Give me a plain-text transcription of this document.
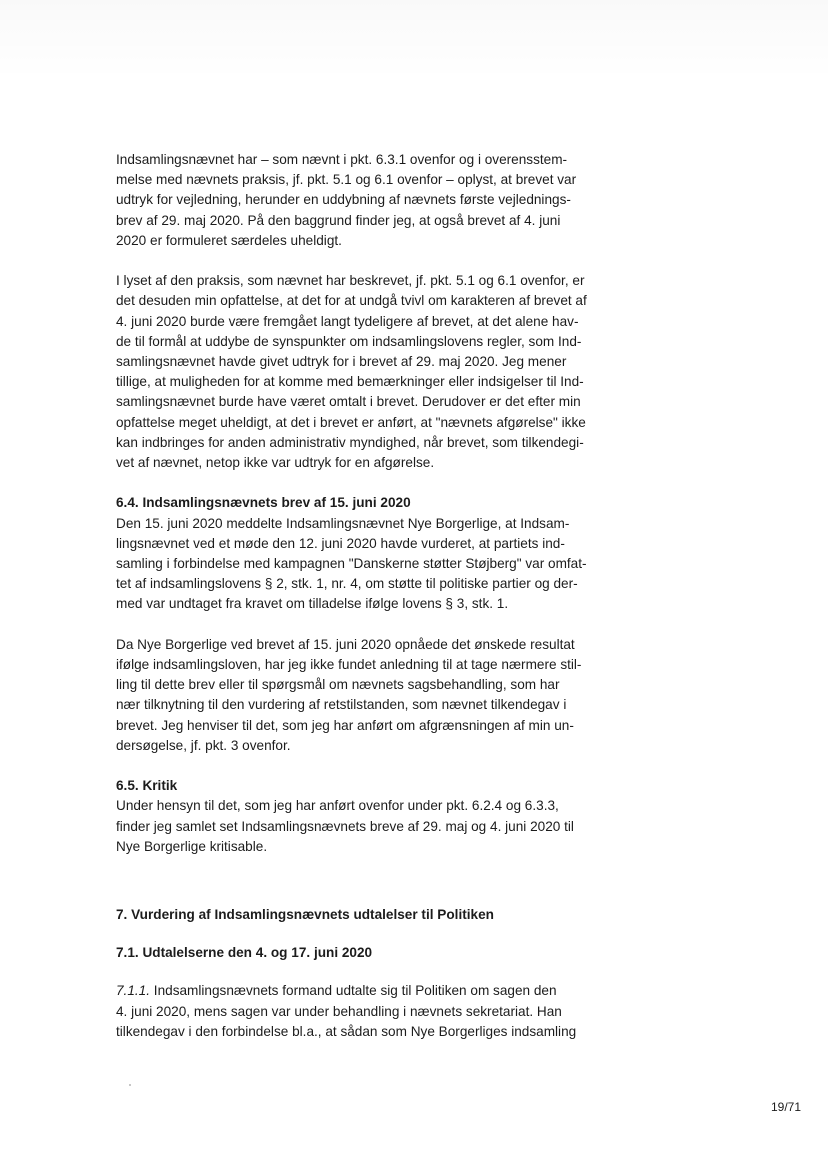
Indsamlingsnævnet har – som nævnt i pkt. 6.3.1 ovenfor og i overensstem-
melse med nævnets praksis, jf. pkt. 5.1 og 6.1 ovenfor – oplyst, at brevet var
udtryk for vejledning, herunder en uddybning af nævnets første vejlednings-
brev af 29. maj 2020. På den baggrund finder jeg, at også brevet af 4. juni
2020 er formuleret særdeles uheldigt.
I lyset af den praksis, som nævnet har beskrevet, jf. pkt. 5.1 og 6.1 ovenfor, er
det desuden min opfattelse, at det for at undgå tvivl om karakteren af brevet af
4. juni 2020 burde være fremgået langt tydeligere af brevet, at det alene hav-
de til formål at uddybe de synspunkter om indsamlingslovens regler, som Ind-
samlingsnævnet havde givet udtryk for i brevet af 29. maj 2020. Jeg mener
tillige, at muligheden for at komme med bemærkninger eller indsigelser til Ind-
samlingsnævnet burde have været omtalt i brevet. Derudover er det efter min
opfattelse meget uheldigt, at det i brevet er anført, at "nævnets afgørelse" ikke
kan indbringes for anden administrativ myndighed, når brevet, som tilkendegi-
vet af nævnet, netop ikke var udtryk for en afgørelse.
6.4. Indsamlingsnævnets brev af 15. juni 2020
Den 15. juni 2020 meddelte Indsamlingsnævnet Nye Borgerlige, at Indsam-
lingsnævnet ved et møde den 12. juni 2020 havde vurderet, at partiets ind-
samling i forbindelse med kampagnen "Danskerne støtter Støjberg" var omfat-
tet af indsamlingslovens § 2, stk. 1, nr. 4, om støtte til politiske partier og der-
med var undtaget fra kravet om tilladelse ifølge lovens § 3, stk. 1.
Da Nye Borgerlige ved brevet af 15. juni 2020 opnåede det ønskede resultat
ifølge indsamlingsloven, har jeg ikke fundet anledning til at tage nærmere stil-
ling til dette brev eller til spørgsmål om nævnets sagsbehandling, som har
nær tilknytning til den vurdering af retstilstanden, som nævnet tilkendegav i
brevet. Jeg henviser til det, som jeg har anført om afgrænsningen af min un-
dersøgelse, jf. pkt. 3 ovenfor.
6.5. Kritik
Under hensyn til det, som jeg har anført ovenfor under pkt. 6.2.4 og 6.3.3,
finder jeg samlet set Indsamlingsnævnets breve af 29. maj og 4. juni 2020 til
Nye Borgerlige kritisable.
7. Vurdering af Indsamlingsnævnets udtalelser til Politiken
7.1. Udtalelserne den 4. og 17. juni 2020
7.1.1. Indsamlingsnævnets formand udtalte sig til Politiken om sagen den
4. juni 2020, mens sagen var under behandling i nævnets sekretariat. Han
tilkendegav i den forbindelse bl.a., at sådan som Nye Borgerliges indsamling
19/71
